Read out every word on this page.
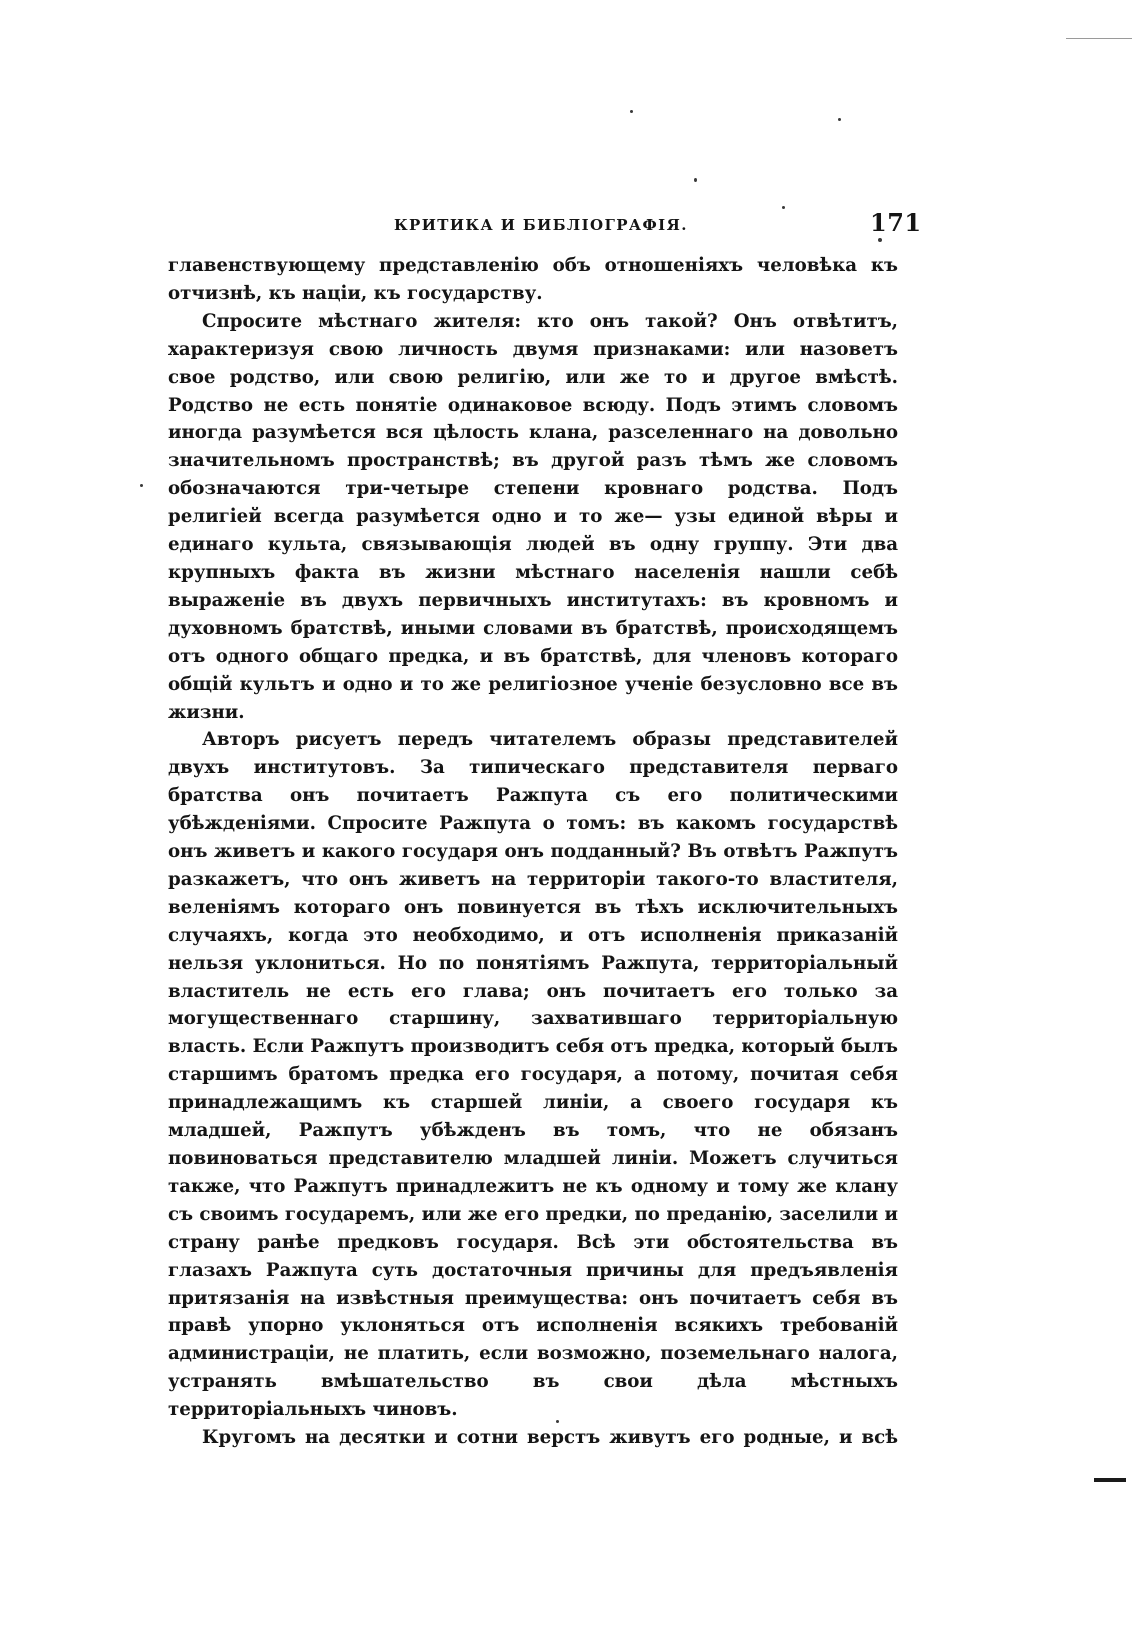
КРИТИКА И БИБЛІОГРАФІЯ.	171

главенствующему представленію объ отношеніяхъ человѣка къ отчизнѣ, къ націи, къ государству.

Спросите мѣстнаго жителя: кто онъ такой? Онъ отвѣтитъ, характеризуя свою личность двумя признаками: или назоветъ свое родство, или свою религію, или же то и другое вмѣстѣ. Родство не есть понятіе одинаковое всюду. Подъ этимъ словомъ иногда разумѣется вся цѣлость клана, разселеннаго на довольно значительномъ пространствѣ; въ другой разъ тѣмъ же словомъ обозначаются три-четыре степени кровнаго родства. Подъ религіей всегда разумѣется одно и то же— узы единой вѣры и единаго культа, связывающія людей въ одну группу. Эти два крупныхъ факта въ жизни мѣстнаго населенія нашли себѣ выраженіе въ двухъ первичныхъ институтахъ: въ кровномъ и духовномъ братствѣ, иными словами въ братствѣ, происходящемъ отъ одного общаго предка, и въ братствѣ, для членовъ котораго общій культъ и одно и то же религіозное ученіе безусловно все въ жизни.

Авторъ рисуетъ передъ читателемъ образы представителей двухъ институтовъ. За типическаго представителя перваго братства онъ почитаетъ Ражпута съ его политическими убѣжденіями. Спросите Ражпута о томъ: въ какомъ государствѣ онъ живетъ и какого государя онъ подданный? Въ отвѣтъ Ражпутъ разкажетъ, что онъ живетъ на территоріи такого-то властителя, веленіямъ котораго онъ повинуется въ тѣхъ исключительныхъ случаяхъ, когда это необходимо, и отъ исполненія приказаній нельзя уклониться. Но по понятіямъ Ражпута, территоріальный властитель не есть его глава; онъ почитаетъ его только за могущественнаго старшину, захватившаго территоріальную власть. Если Ражпутъ производитъ себя отъ предка, который былъ старшимъ братомъ предка его государя, а потому, почитая себя принадлежащимъ къ старшей линіи, а своего государя къ младшей, Ражпутъ убѣжденъ въ томъ, что не обязанъ повиноваться представителю младшей линіи. Можетъ случиться также, что Ражпутъ принадлежитъ не къ одному и тому же клану съ своимъ государемъ, или же его предки, по преданію, заселили и страну ранѣе предковъ государя. Всѣ эти обстоятельства въ глазахъ Ражпута суть достаточныя причины для предъявленія притязанія на извѣстныя преимущества: онъ почитаетъ себя въ правѣ упорно уклоняться отъ исполненія всякихъ требованій администраціи, не платить, если возможно, поземельнаго налога, устранять вмѣшательство въ свои дѣла мѣстныхъ территоріальныхъ чиновъ.

Кругомъ на десятки и сотни верстъ живутъ его родные, и всѣ
